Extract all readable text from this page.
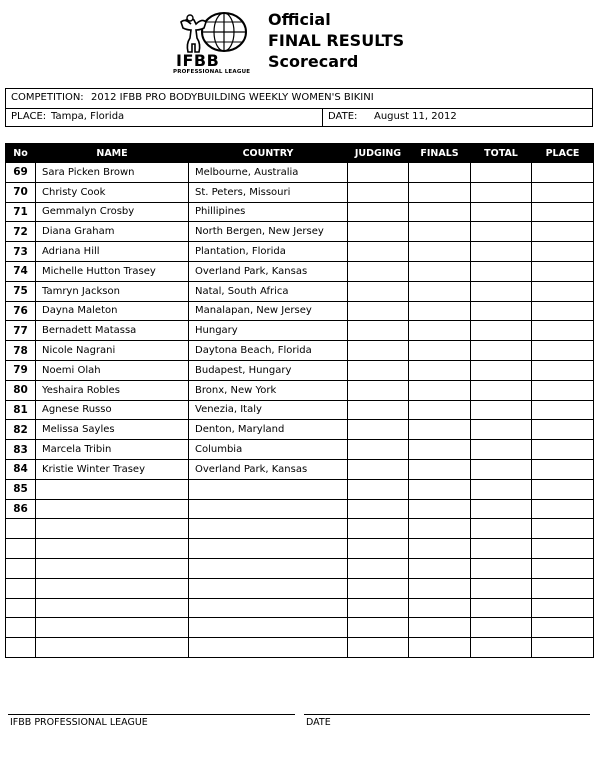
IFBB
PROFESSIONAL LEAGUE
Official
FINAL RESULTS
Scorecard
COMPETITION: 2012 IFBB PRO BODYBUILDING WEEKLY WOMEN'S BIKINI
PLACE: Tampa, Florida	DATE: August 11, 2012
No	NAME	COUNTRY	JUDGING	FINALS	TOTAL	PLACE
69	Sara Picken Brown	Melbourne, Australia				
70	Christy Cook	St. Peters, Missouri				
71	Gemmalyn Crosby	Phillipines				
72	Diana Graham	North Bergen, New Jersey				
73	Adriana Hill	Plantation, Florida				
74	Michelle Hutton Trasey	Overland Park, Kansas				
75	Tamryn Jackson	Natal, South Africa				
76	Dayna Maleton	Manalapan, New Jersey				
77	Bernadett Matassa	Hungary				
78	Nicole Nagrani	Daytona Beach, Florida				
79	Noemi Olah	Budapest, Hungary				
80	Yeshaira Robles	Bronx, New York				
81	Agnese Russo	Venezia, Italy				
82	Melissa Sayles	Denton, Maryland				
83	Marcela Tribin	Columbia				
84	Kristie Winter Trasey	Overland Park, Kansas				
85						
86						

IFBB PROFESSIONAL LEAGUE	DATE
